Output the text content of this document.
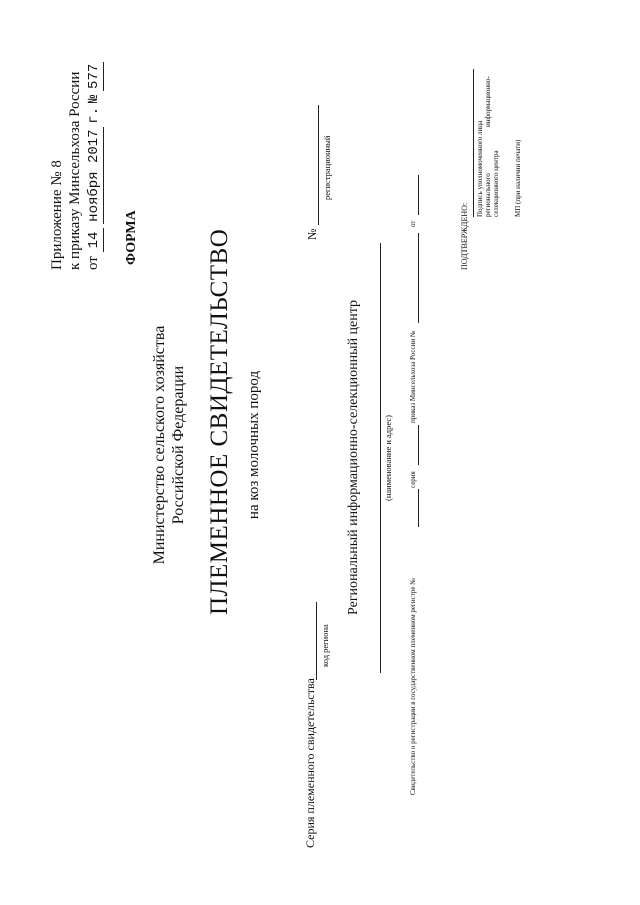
Приложение № 8 к приказу Минсельхоза России от 14 ноября 2017 г. № 577
ФОРМА
Министерство сельского хозяйства Российской Федерации ПЛЕМЕННОЕ СВИДЕТЕЛЬСТВО на коз молочных пород
Серия племенного свидетельства
код региона
№
регистрационный
Региональный информационно-селекционный центр	(наименование и адрес)
Свидетельство о регистрации в государственном племенном регистре №
серия
приказ Минсельхоза России №
от	ПОДТВЕРЖДЕНО:
Подпись уполномоченного лица регионального
информационно-
селекционного центра МП (при наличии печати)
